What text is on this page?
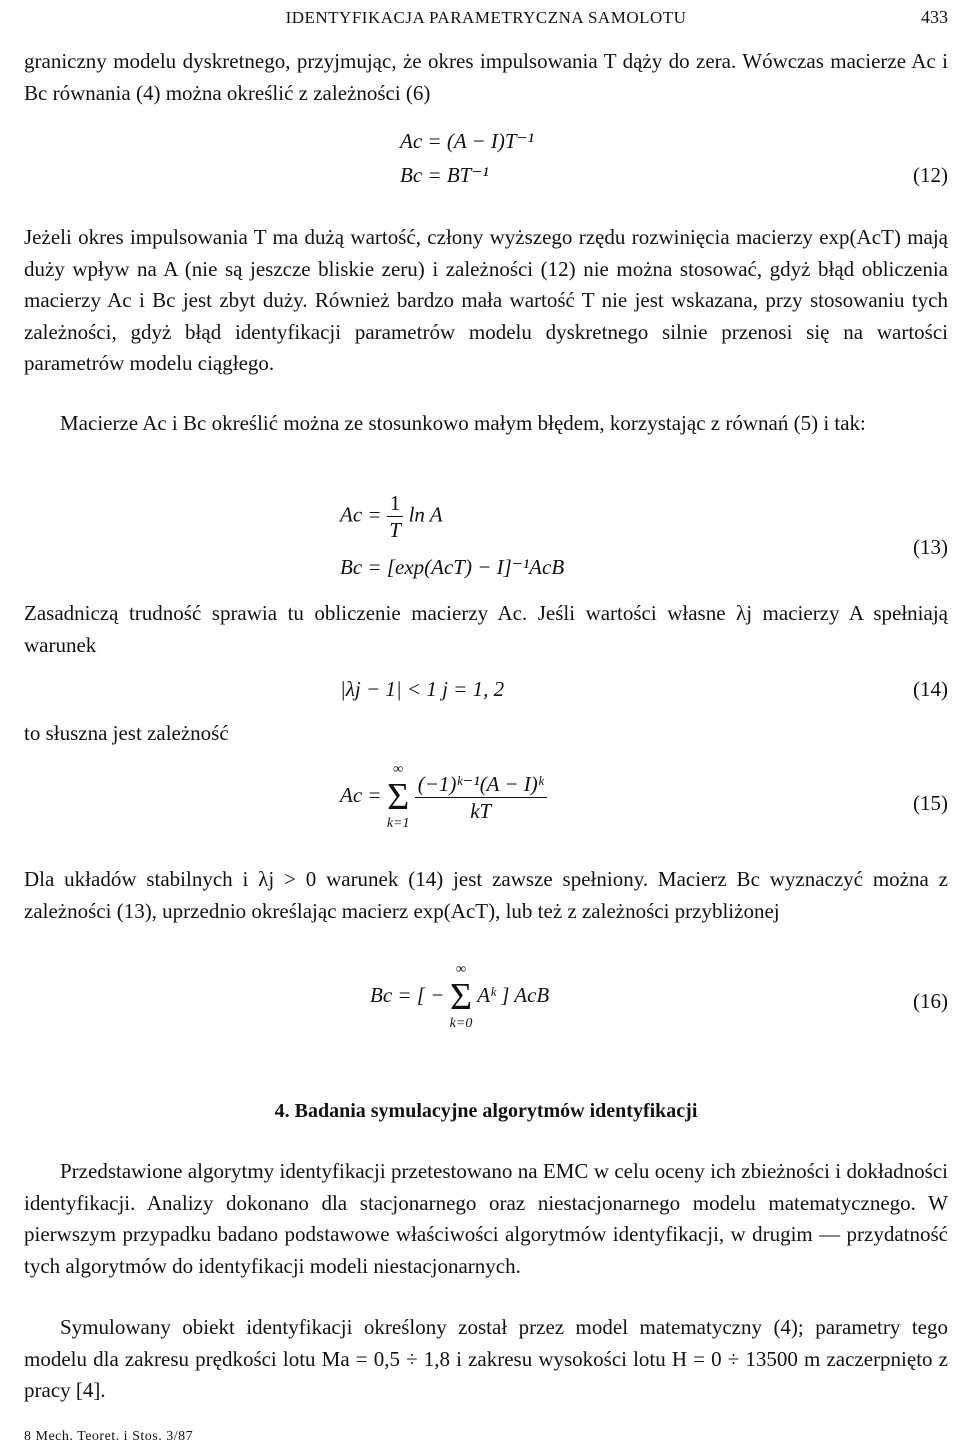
IDENTYFIKACJA PARAMETRYCZNA SAMOLOTU	433

graniczny modelu dyskretnego, przyjmując, że okres impulsowania T dąży do zera. Wówczas macierze Ac i Bc równania (4) można określić z zależności (6)

Ac = (A − I)T⁻¹
Bc = BT⁻¹	(12)

Jeżeli okres impulsowania T ma dużą wartość, człony wyższego rzędu rozwinięcia macierzy exp(AcT) mają duży wpływ na A (nie są jeszcze bliskie zeru) i zależności (12) nie można stosować, gdyż błąd obliczenia macierzy Ac i Bc jest zbyt duży. Również bardzo mała wartość T nie jest wskazana, przy stosowaniu tych zależności, gdyż błąd identyfikacji parametrów modelu dyskretnego silnie przenosi się na wartości parametrów modelu ciągłego.

Macierze Ac i Bc określić można ze stosunkowo małym błędem, korzystając z równań (5) i tak:

$Ac = \frac{1}{T}$ ln A
Bc = [exp(AcT) − I]⁻¹AcB
(13)

Zasadniczą trudność sprawia tu obliczenie macierzy Ac. Jeśli wartości własne λj macierzy A spełniają warunek

|λj − 1| < 1 j = 1, 2	(14)

to słuszna jest zależność

Ac =
∞
Σ
k=1
$\frac{\text{(−1)ᵏ⁻¹(A − I)ᵏ}}{kT}$	(15)

Dla układów stabilnych i λj > 0 warunek (14) jest zawsze spełniony. Macierz Bc wyznaczyć można z zależności (13), uprzednio określając macierz exp(AcT), lub też z zależności przybliżonej

Bc = [ −
∞
Σ
k=0
Aᵏ ] AcB	(16)
4. Badania symulacyjne algorytmów identyfikacji

Przedstawione algorytmy identyfikacji przetestowano na EMC w celu oceny ich zbieżności i dokładności identyfikacji. Analizy dokonano dla stacjonarnego oraz niestacjonarnego modelu matematycznego. W pierwszym przypadku badano podstawowe właściwości algorytmów identyfikacji, w drugim — przydatność tych algorytmów do identyfikacji modeli niestacjonarnych.

Symulowany obiekt identyfikacji określony został przez model matematyczny (4); parametry tego modelu dla zakresu prędkości lotu Ma = 0,5 ÷ 1,8 i zakresu wysokości lotu H = 0 ÷ 13500 m zaczerpnięto z pracy [4].

8 Mech. Teoret. i Stos. 3/87
